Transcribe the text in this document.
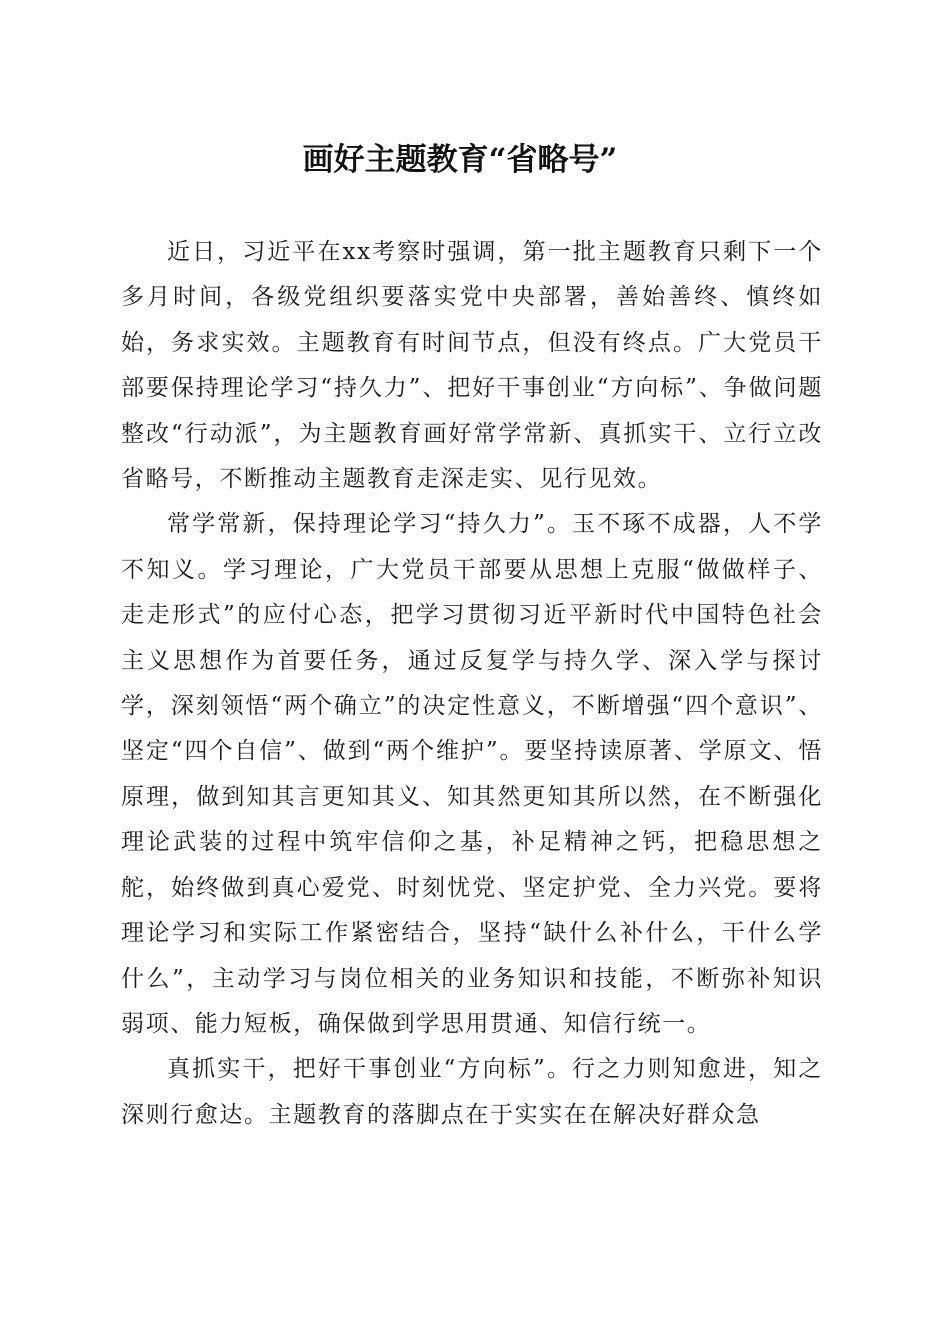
画好主题教育“省略号”

近日，习近平在xx考察时强调，第一批主题教育只剩下一个多月时间，各级党组织要落实党中央部署，善始善终、慎终如始，务求实效。主题教育有时间节点，但没有终点。广大党员干部要保持理论学习“持久力”、把好干事创业“方向标”、争做问题整改“行动派”，为主题教育画好常学常新、真抓实干、立行立改省略号，不断推动主题教育走深走实、见行见效。

常学常新，保持理论学习“持久力”。玉不琢不成器，人不学不知义。学习理论，广大党员干部要从思想上克服“做做样子、走走形式”的应付心态，把学习贯彻习近平新时代中国特色社会主义思想作为首要任务，通过反复学与持久学、深入学与探讨学，深刻领悟“两个确立”的决定性意义，不断增强“四个意识”、坚定“四个自信”、做到“两个维护”。要坚持读原著、学原文、悟原理，做到知其言更知其义、知其然更知其所以然，在不断强化理论武装的过程中筑牢信仰之基，补足精神之钙，把稳思想之舵，始终做到真心爱党、时刻忧党、坚定护党、全力兴党。要将理论学习和实际工作紧密结合，坚持“缺什么补什么，干什么学什么”，主动学习与岗位相关的业务知识和技能，不断弥补知识弱项、能力短板，确保做到学思用贯通、知信行统一。

真抓实干，把好干事创业“方向标”。行之力则知愈进，知之深则行愈达。主题教育的落脚点在于实实在在解决好群众急
